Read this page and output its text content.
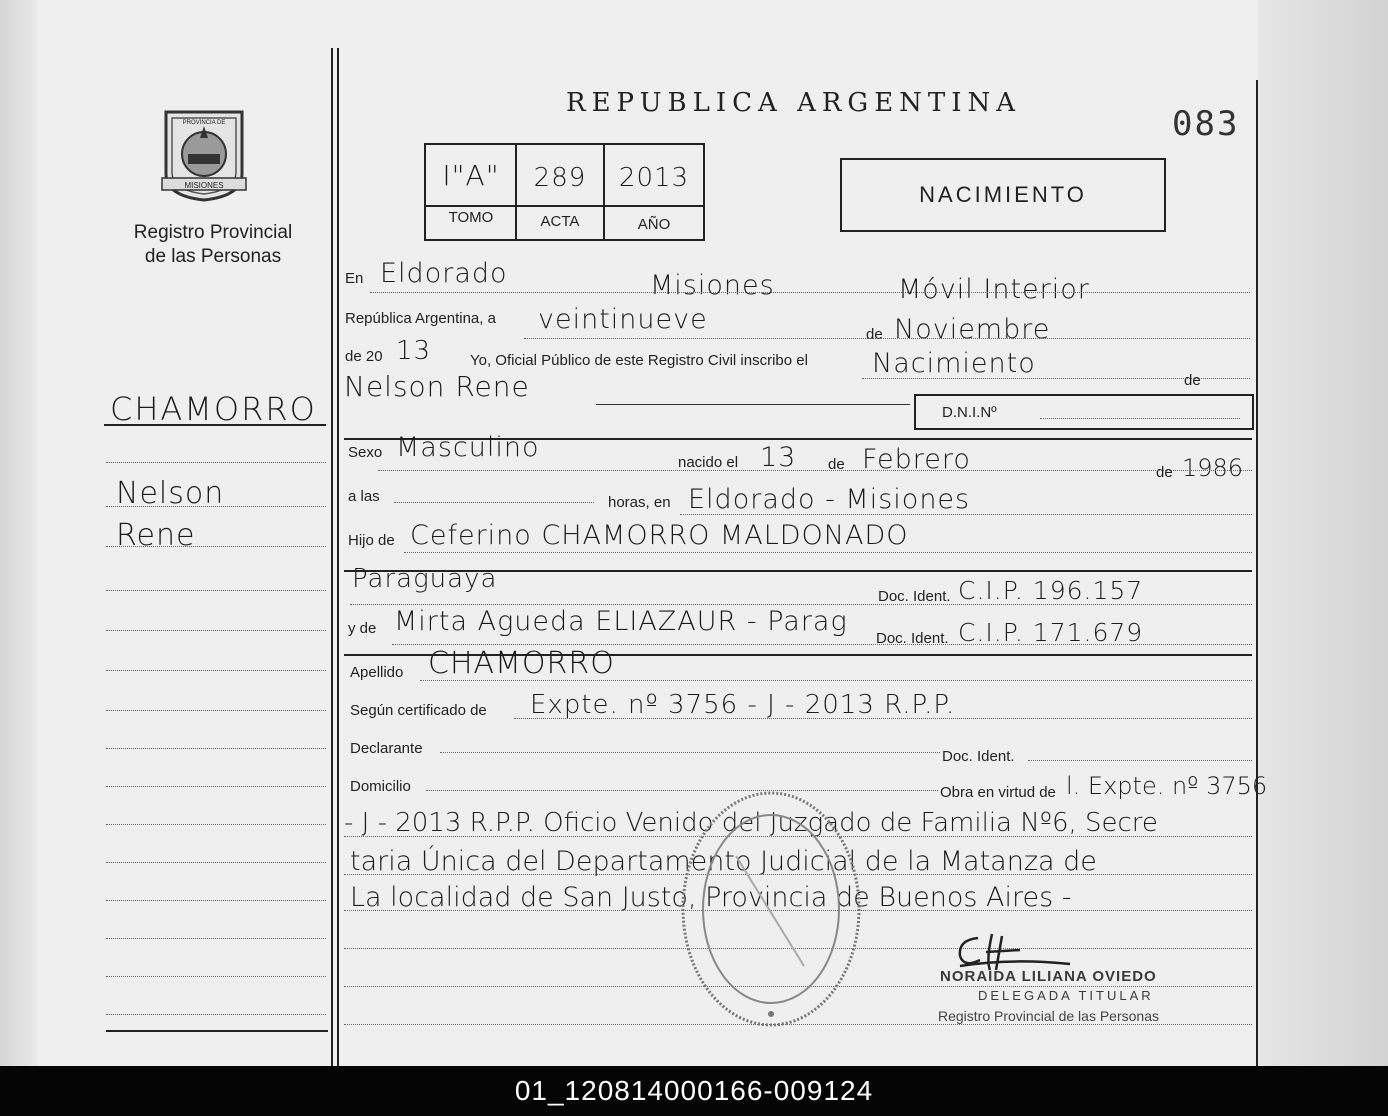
MISIONES
PROVINCIA DE
Registro Provincial
de las Personas
CHAMORRO
Nelson
Rene
REPUBLICA ARGENTINA
083
I"A"	289	2013
TOMO	ACTA	AÑO
NACIMIENTO
En Eldorado	Misiones	Móvil Interior
República Argentina, a veintinueve	de Noviembre
de 20 13	Yo, Oficial Público de este Registro Civil inscribo el Nacimiento
de
Nelson Rene
D.N.I.Nº
Sexo Masculino	nacido el 13 de Febrero	de 1986
a las	horas, en Eldorado - Misiones
Hijo de Ceferino CHAMORRO MALDONADO
Paraguaya
Doc. Ident. C.I.P. 196.157
y de Mirta Agueda ELIAZAUR - Parag
Doc. Ident. C.I.P. 171.679
Apellido CHAMORRO
Según certificado de Expte. nº 3756 - J - 2013 R.P.P.
Declarante	Doc. Ident.
Domicilio	Obra en virtud de l. Expte. nº 3756
- J - 2013 R.P.P. Oficio Venido del Juzgado de Familia Nº6, Secre
taria Única del Departamento Judicial de la Matanza de
La localidad de San Justo, Provincia de Buenos Aires -
NORAIDA LILIANA OVIEDO
DELEGADA TITULAR
Registro Provincial de las Personas
01_120814000166-009124
